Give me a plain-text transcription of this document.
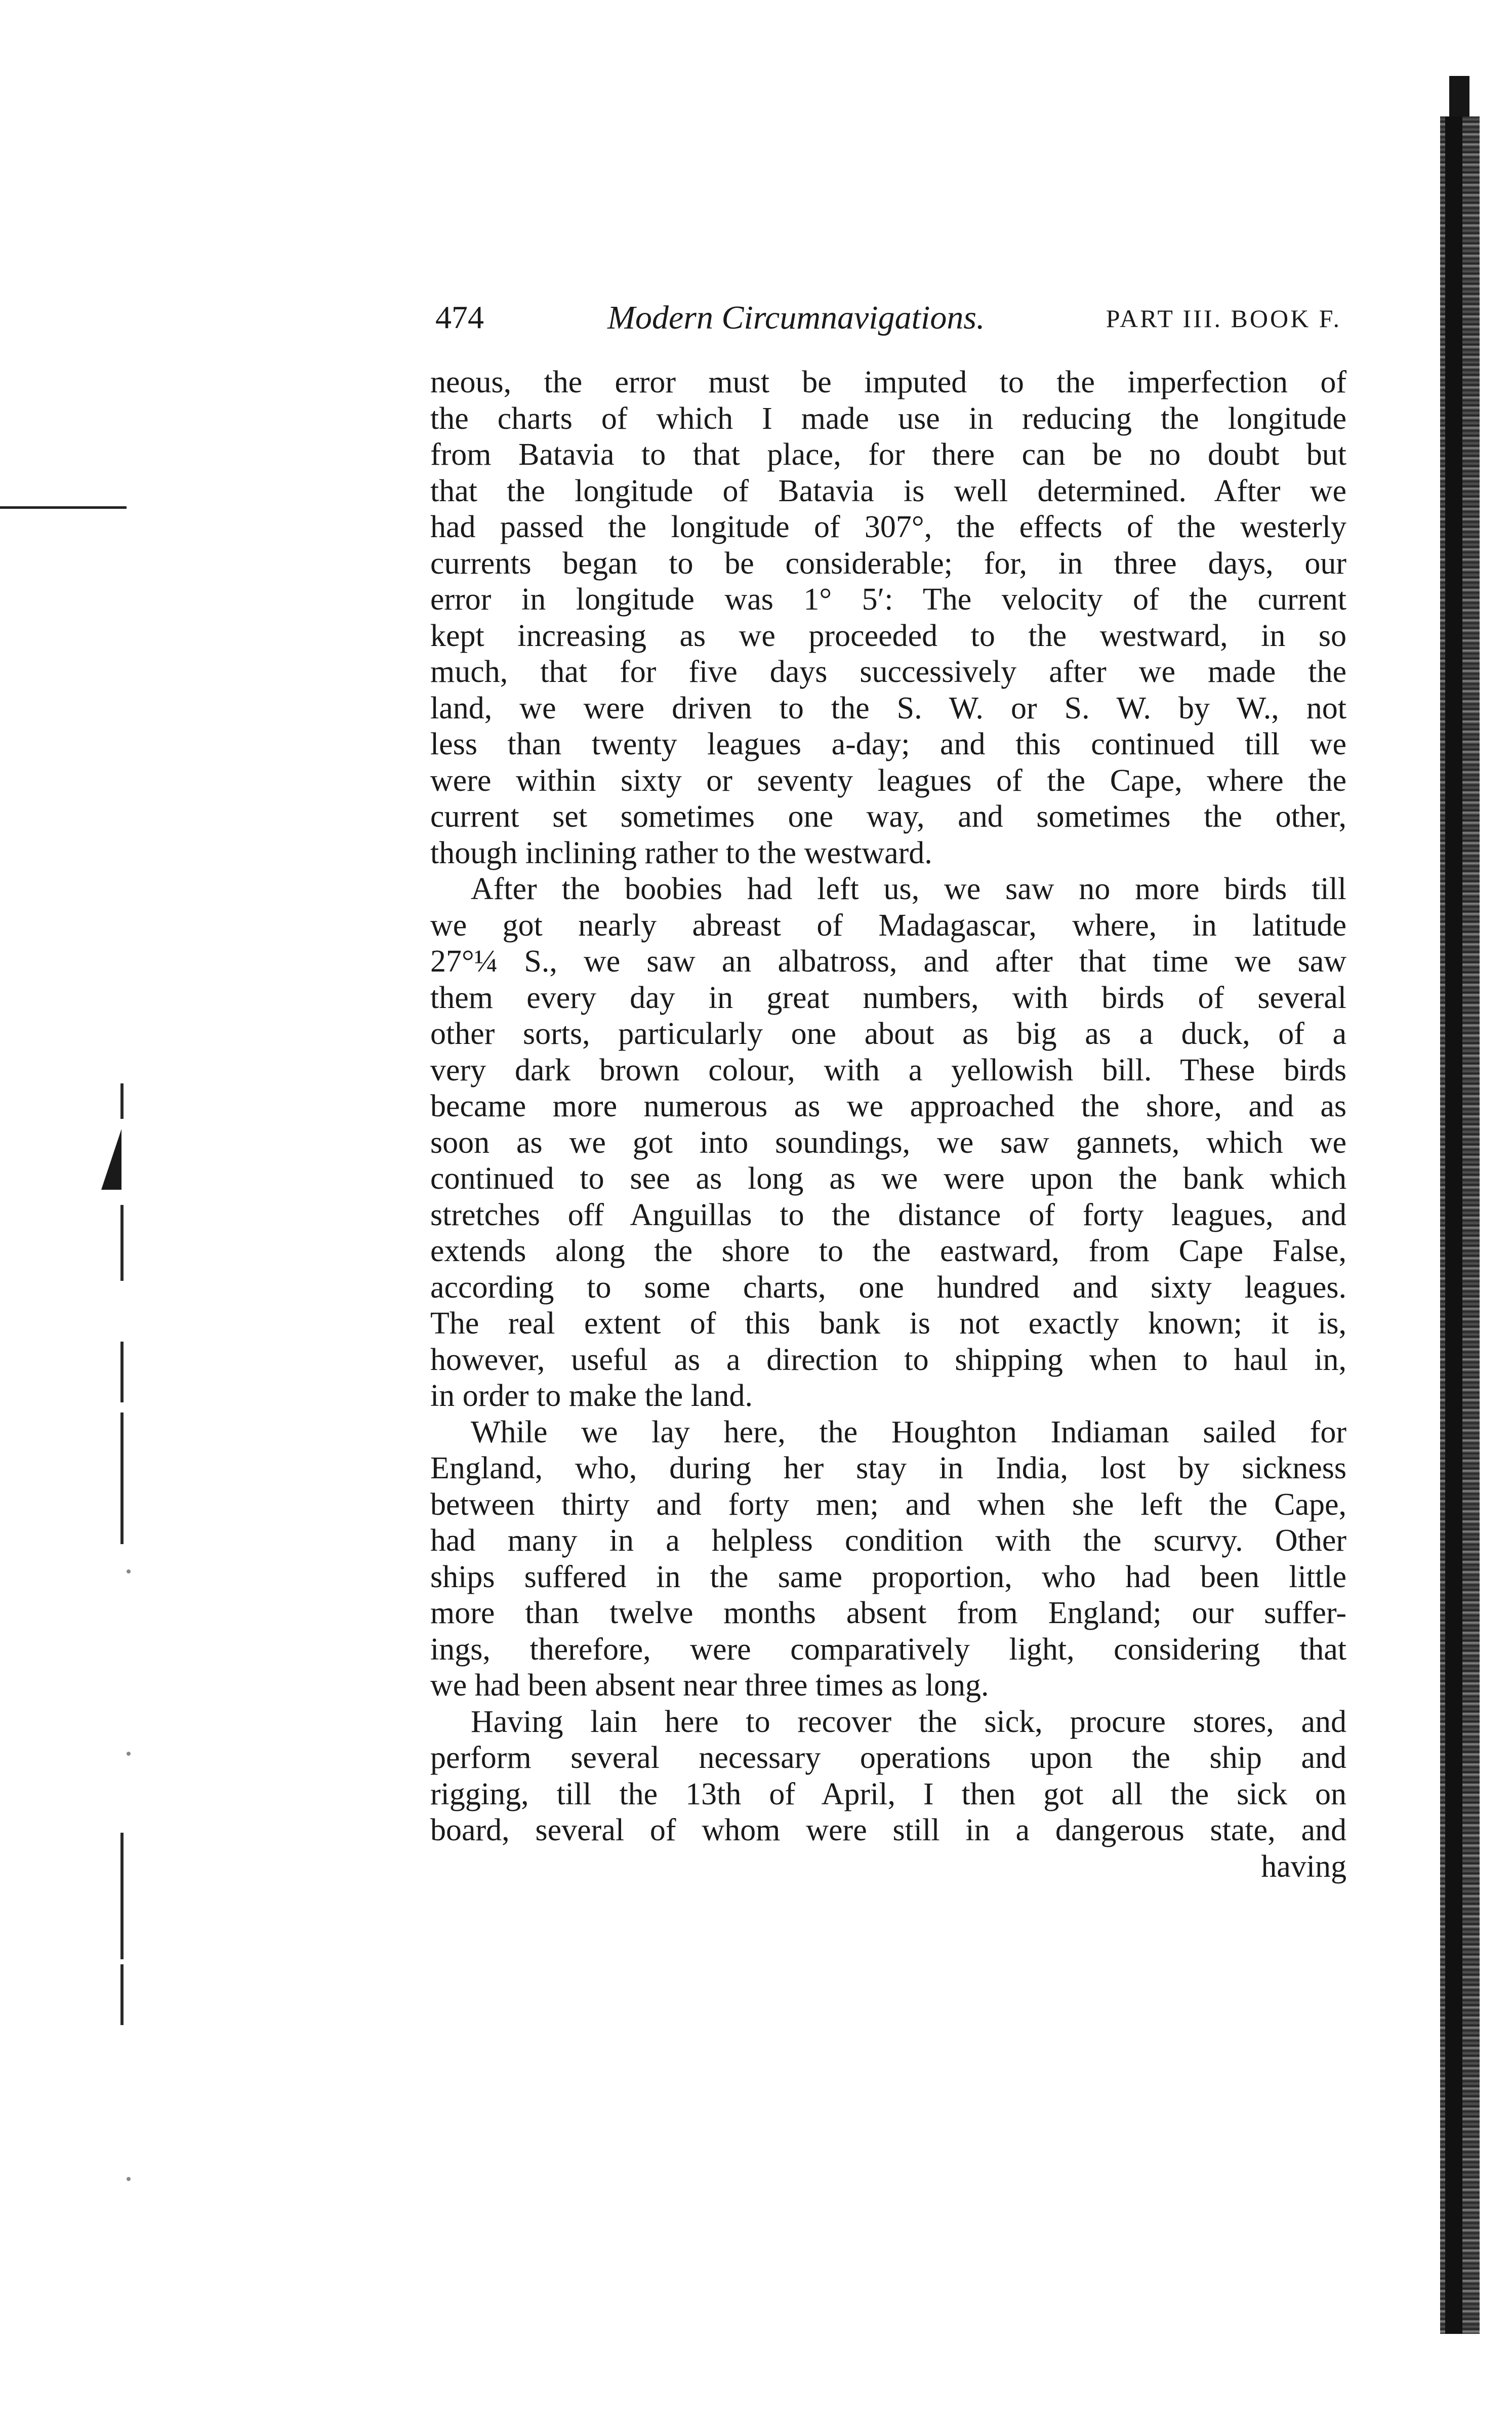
474	Modern Circumnavigations.	PART III. BOOK F.
neous, the error must be imputed to the imperfection of
the charts of which I made use in reducing the longitude
from Batavia to that place, for there can be no doubt but
that the longitude of Batavia is well determined. After we
had passed the longitude of 307°, the effects of the westerly
currents began to be considerable; for, in three days, our
error in longitude was 1° 5′: The velocity of the current
kept increasing as we proceeded to the westward, in so
much, that for five days successively after we made the
land, we were driven to the S. W. or S. W. by W., not
less than twenty leagues a-day; and this continued till we
were within sixty or seventy leagues of the Cape, where the
current set sometimes one way, and sometimes the other,
though inclining rather to the westward.
After the boobies had left us, we saw no more birds till
we got nearly abreast of Madagascar, where, in latitude
27°¼ S., we saw an albatross, and after that time we saw
them every day in great numbers, with birds of several
other sorts, particularly one about as big as a duck, of a
very dark brown colour, with a yellowish bill. These birds
became more numerous as we approached the shore, and as
soon as we got into soundings, we saw gannets, which we
continued to see as long as we were upon the bank which
stretches off Anguillas to the distance of forty leagues, and
extends along the shore to the eastward, from Cape False,
according to some charts, one hundred and sixty leagues.
The real extent of this bank is not exactly known; it is,
however, useful as a direction to shipping when to haul in,
in order to make the land.
While we lay here, the Houghton Indiaman sailed for
England, who, during her stay in India, lost by sickness
between thirty and forty men; and when she left the Cape,
had many in a helpless condition with the scurvy. Other
ships suffered in the same proportion, who had been little
more than twelve months absent from England; our suffer-
ings, therefore, were comparatively light, considering that
we had been absent near three times as long.
Having lain here to recover the sick, procure stores, and
perform several necessary operations upon the ship and
rigging, till the 13th of April, I then got all the sick on
board, several of whom were still in a dangerous state, and
having
